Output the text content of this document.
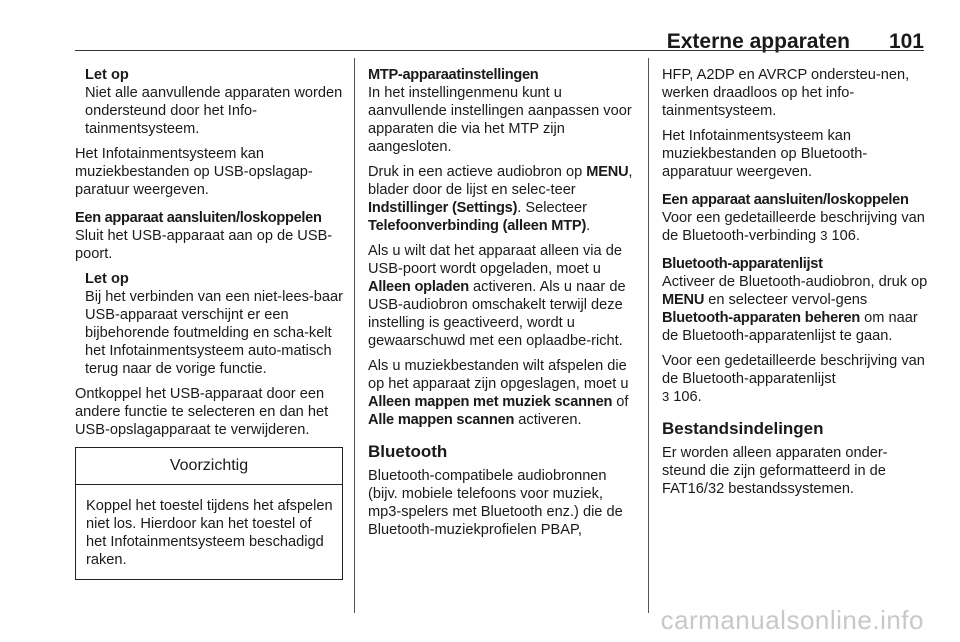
Externe apparaten 101
Let op
Niet alle aanvullende apparaten worden ondersteund door het Info-tainmentsysteem.

Het Infotainmentsysteem kan muziekbestanden op USB-opslagap-paratuur weergeven.

Een apparaat aansluiten/loskoppelen

Sluit het USB-apparaat aan op de USB-poort.

Let op
Bij het verbinden van een niet-lees-baar USB-apparaat verschijnt er een bijbehorende foutmelding en scha-kelt het Infotainmentsysteem auto-matisch terug naar de vorige functie.

Ontkoppel het USB-apparaat door een andere functie te selecteren en dan het USB-opslagapparaat te verwijderen.

Voorzichtig
Koppel het toestel tijdens het afspelen niet los. Hierdoor kan het toestel of het Infotainmentsysteem beschadigd raken.
MTP-apparaatinstellingen

In het instellingenmenu kunt u aanvullende instellingen aanpassen voor apparaten die via het MTP zijn aangesloten.

Druk in een actieve audiobron op MENU, blader door de lijst en selec-teer Indstillinger (Settings). Selecteer Telefoonverbinding (alleen MTP).

Als u wilt dat het apparaat alleen via de USB-poort wordt opgeladen, moet u Alleen opladen activeren. Als u naar de USB-audiobron omschakelt terwijl deze instelling is geactiveerd, wordt u gewaarschuwd met een oplaadbe-richt.

Als u muziekbestanden wilt afspelen die op het apparaat zijn opgeslagen, moet u Alleen mappen met muziek scannen of Alle mappen scannen activeren.

Bluetooth

Bluetooth-compatibele audiobronnen (bijv. mobiele telefoons voor muziek, mp3-spelers met Bluetooth enz.) die de Bluetooth-muziekprofielen PBAP,

HFP, A2DP en AVRCP ondersteu-nen, werken draadloos op het info-tainmentsysteem.

Het Infotainmentsysteem kan muziekbestanden op Bluetooth-apparatuur weergeven.

Een apparaat aansluiten/loskoppelen

Voor een gedetailleerde beschrijving van de Bluetooth-verbinding 3 106.

Bluetooth-apparatenlijst

Activeer de Bluetooth-audiobron, druk op MENU en selecteer vervol-gens Bluetooth-apparaten beheren om naar de Bluetooth-apparatenlijst te gaan.

Voor een gedetailleerde beschrijving van de Bluetooth-apparatenlijst
3 106.

Bestandsindelingen

Er worden alleen apparaten onder-steund die zijn geformatteerd in de FAT16/32 bestandssystemen.

carmanualsonline.info
